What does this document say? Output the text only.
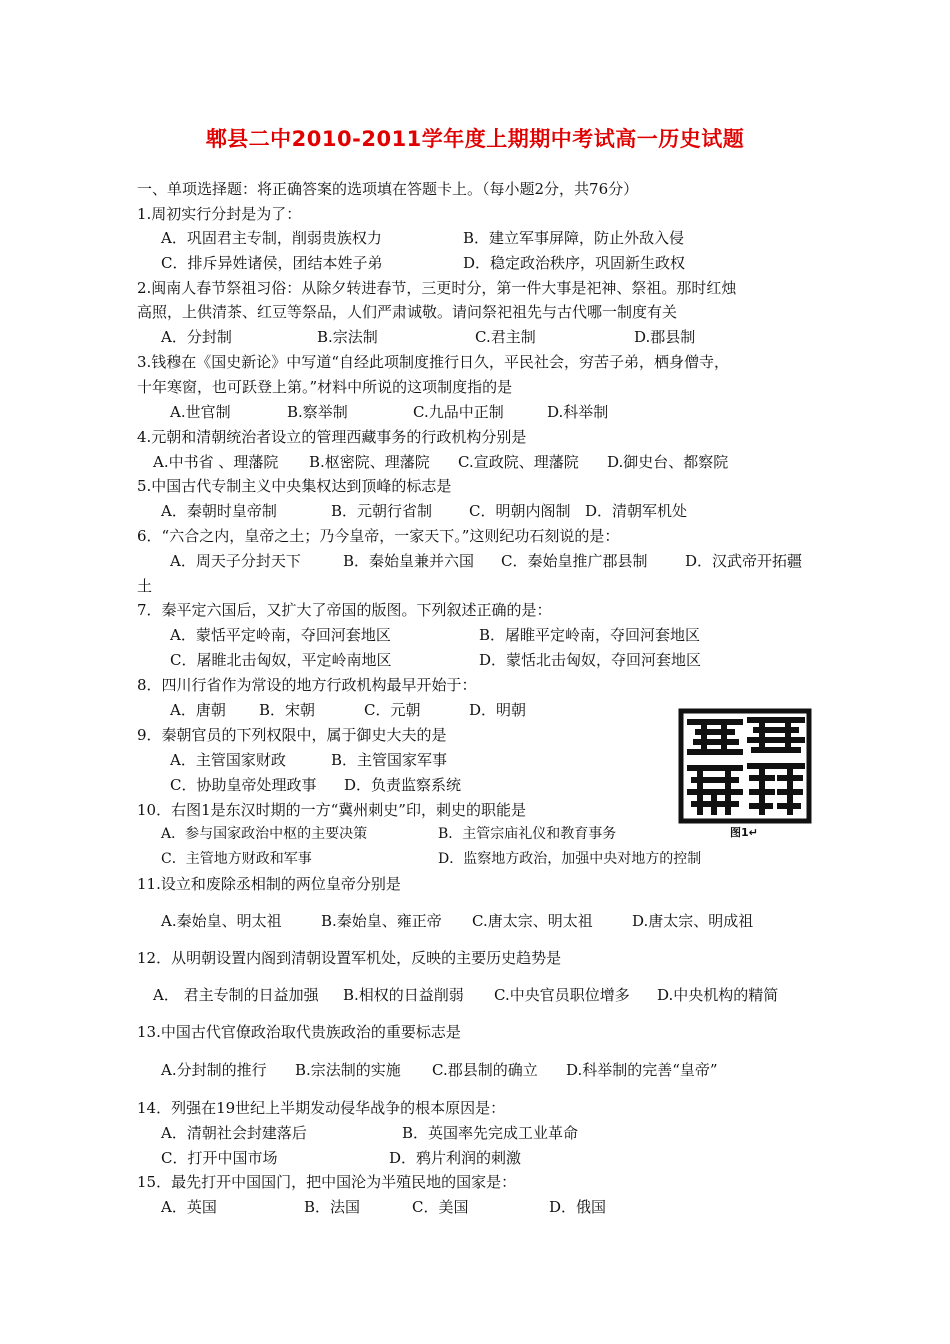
郫县二中2010-2011学年度上期期中考试高一历史试题
一、单项选择题：将正确答案的选项填在答题卡上。（每小题2分，共76分）
1.周初实行分封是为了：
A．巩固君主专制，削弱贵族权力	B．建立军事屏障，防止外敌入侵
C．排斥异姓诸侯，团结本姓子弟	D．稳定政治秩序，巩固新生政权
2.闽南人春节祭祖习俗：从除夕转进春节，三更时分，第一件大事是祀神、祭祖。那时红烛
高照，上供清茶、红豆等祭品，人们严肃诚敬。请问祭祀祖先与古代哪一制度有关
A．分封制	B.宗法制	C.君主制	D.郡县制
3.钱穆在《国史新论》中写道“自经此项制度推行日久，平民社会，穷苦子弟，栖身僧寺，
十年寒窗，也可跃登上第。”材料中所说的这项制度指的是
A.世官制	B.察举制	C.九品中正制	D.科举制
4.元朝和清朝统治者设立的管理西藏事务的行政机构分别是
A.中书省 、理藩院 B.枢密院、理藩院 C.宣政院、理藩院 D.御史台、都察院
5.中国古代专制主义中央集权达到顶峰的标志是
A．秦朝时皇帝制	B．元朝行省制 C．明朝内阁制 D．清朝军机处
6．“六合之内，皇帝之土；乃今皇帝，一家天下。”这则纪功石刻说的是：
A．周天子分封天下	B．秦始皇兼并六国 C．秦始皇推广郡县制	D．汉武帝开拓疆
土
7．秦平定六国后，又扩大了帝国的版图。下列叙述正确的是：
A．蒙恬平定岭南，夺回河套地区	B．屠睢平定岭南，夺回河套地区
C．屠睢北击匈奴，平定岭南地区	D．蒙恬北击匈奴，夺回河套地区
8．四川行省作为常设的地方行政机构最早开始于：
A．唐朝 B．宋朝	C．元朝	D．明朝
9．秦朝官员的下列权限中，属于御史大夫的是
A．主管国家财政	B．主管国家军事
C．协助皇帝处理政事 D．负责监察系统
10．右图1是东汉时期的一方“冀州刺史”印，刺史的职能是
A．参与国家政治中枢的主要决策	B．主管宗庙礼仪和教育事务
C．主管地方财政和军事	D．监察地方政治，加强中央对地方的控制
11.设立和废除丞相制的两位皇帝分别是
A.秦始皇、明太祖	B.秦始皇、雍正帝 C.唐太宗、明太祖	D.唐太宗、明成祖
12．从明朝设置内阁到清朝设置军机处，反映的主要历史趋势是
A． 君主专制的日益加强 B.相权的日益削弱 C.中央官员职位增多 D.中央机构的精简
13.中国古代官僚政治取代贵族政治的重要标志是
A.分封制的推行 B.宗法制的实施 C.郡县制的确立 D.科举制的完善“皇帝”
14．列强在19世纪上半期发动侵华战争的根本原因是：
A．清朝社会封建落后	B．英国率先完成工业革命
C．打开中国市场	D．鸦片利润的刺激
15．最先打开中国国门，把中国沦为半殖民地的国家是：
A．英国	B．法国	C．美国	D．俄国
图1↵
